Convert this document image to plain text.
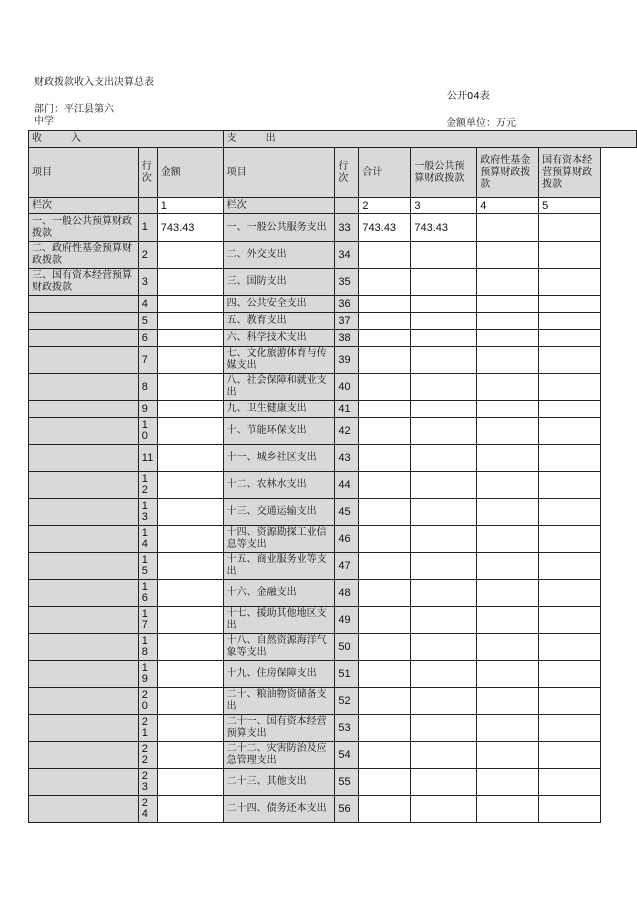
财政拨款收入支出决算总表
公开04表
部门：平江县第六中学	金额单位：万元
收　　入			支　　出						
项目	行次	金额	项目	行次	合计	一般公共预算财政拨款	政府性基金预算财政拨款	国有资本经营预算财政拨款	
栏次		1	栏次		2	3	4	5	
一、一般公共预算财政拨款	1	743.43	一、一般公共服务支出	33	743.43	743.43			
二、政府性基金预算财政拨款	2		二、外交支出	34					
三、国有资本经营预算财政拨款	3		三、国防支出	35					
	4		四、公共安全支出	36					
	5		五、教育支出	37					
	6		六、科学技术支出	38					
	7		七、文化旅游体育与传媒支出	39					
	8		八、社会保障和就业支出	40					
	9		九、卫生健康支出	41					
	10		十、节能环保支出	42					
	11		十一、城乡社区支出	43					
	12		十二、农林水支出	44					
	13		十三、交通运输支出	45					
	14		十四、资源勘探工业信息等支出	46					
	15		十五、商业服务业等支出	47					
	16		十六、金融支出	48					
	17		十七、援助其他地区支出	49					
	18		十八、自然资源海洋气象等支出	50					
	19		十九、住房保障支出	51					
	20		二十、粮油物资储备支出	52					
	21		二十一、国有资本经营预算支出	53					
	22		二十二、灾害防治及应急管理支出	54					
	23		二十三、其他支出	55					
	24		二十四、债务还本支出	56					
